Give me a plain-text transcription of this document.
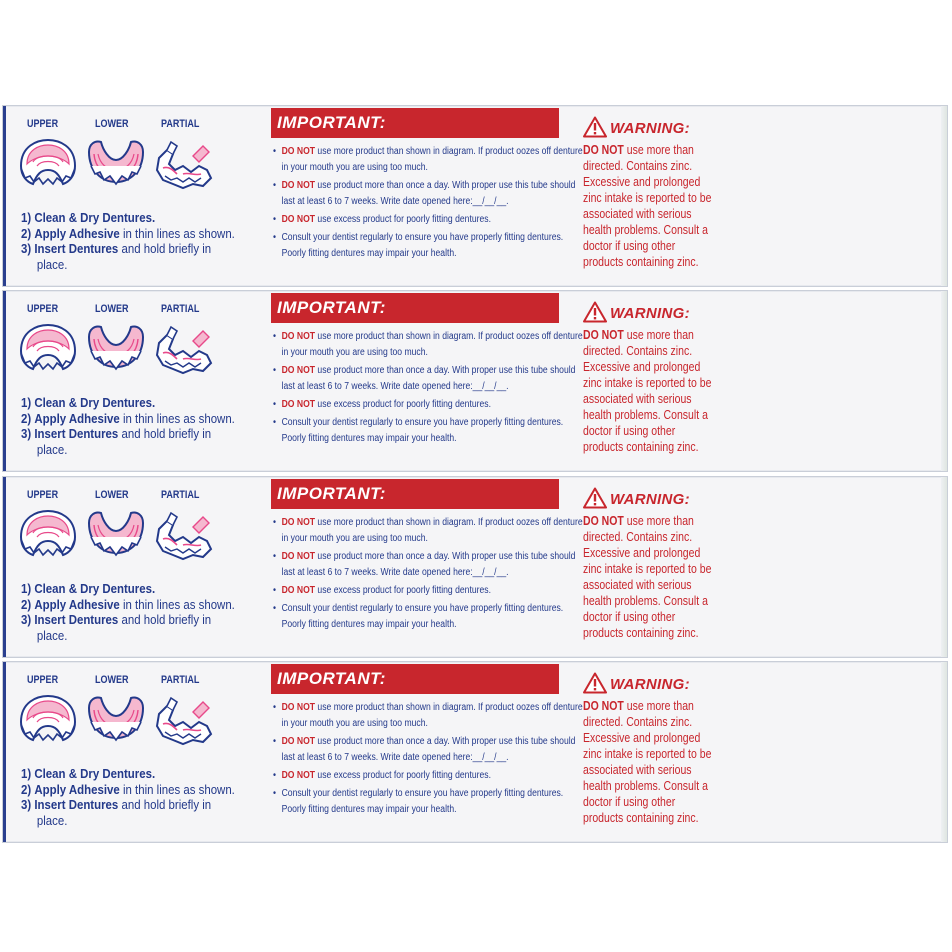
UPPER	LOWER	PARTIAL
1) Clean & Dry Dentures.
2) Apply Adhesive in thin lines as shown.
3) Insert Dentures and hold briefly in
place.
IMPORTANT:
• DO NOT use more product than shown in diagram. If product oozes off denture
in your mouth you are using too much.
• DO NOT use product more than once a day. With proper use this tube should
last at least 6 to 7 weeks. Write date opened here:__/__/__.
• DO NOT use excess product for poorly fitting dentures.
• Consult your dentist regularly to ensure you have properly fitting dentures.
Poorly fitting dentures may impair your health.
WARNING:
DO NOT use more than
directed. Contains zinc.
Excessive and prolonged
zinc intake is reported to be
associated with serious
health problems. Consult a
doctor if using other
products containing zinc.
UPPER	LOWER	PARTIAL
1) Clean & Dry Dentures.
2) Apply Adhesive in thin lines as shown.
3) Insert Dentures and hold briefly in
place.
IMPORTANT:
• DO NOT use more product than shown in diagram. If product oozes off denture
in your mouth you are using too much.
• DO NOT use product more than once a day. With proper use this tube should
last at least 6 to 7 weeks. Write date opened here:__/__/__.
• DO NOT use excess product for poorly fitting dentures.
• Consult your dentist regularly to ensure you have properly fitting dentures.
Poorly fitting dentures may impair your health.
WARNING:
DO NOT use more than
directed. Contains zinc.
Excessive and prolonged
zinc intake is reported to be
associated with serious
health problems. Consult a
doctor if using other
products containing zinc.
UPPER	LOWER	PARTIAL
1) Clean & Dry Dentures.
2) Apply Adhesive in thin lines as shown.
3) Insert Dentures and hold briefly in
place.
IMPORTANT:
• DO NOT use more product than shown in diagram. If product oozes off denture
in your mouth you are using too much.
• DO NOT use product more than once a day. With proper use this tube should
last at least 6 to 7 weeks. Write date opened here:__/__/__.
• DO NOT use excess product for poorly fitting dentures.
• Consult your dentist regularly to ensure you have properly fitting dentures.
Poorly fitting dentures may impair your health.
WARNING:
DO NOT use more than
directed. Contains zinc.
Excessive and prolonged
zinc intake is reported to be
associated with serious
health problems. Consult a
doctor if using other
products containing zinc.
UPPER	LOWER	PARTIAL
1) Clean & Dry Dentures.
2) Apply Adhesive in thin lines as shown.
3) Insert Dentures and hold briefly in
place.
IMPORTANT:
• DO NOT use more product than shown in diagram. If product oozes off denture
in your mouth you are using too much.
• DO NOT use product more than once a day. With proper use this tube should
last at least 6 to 7 weeks. Write date opened here:__/__/__.
• DO NOT use excess product for poorly fitting dentures.
• Consult your dentist regularly to ensure you have properly fitting dentures.
Poorly fitting dentures may impair your health.
WARNING:
DO NOT use more than
directed. Contains zinc.
Excessive and prolonged
zinc intake is reported to be
associated with serious
health problems. Consult a
doctor if using other
products containing zinc.
